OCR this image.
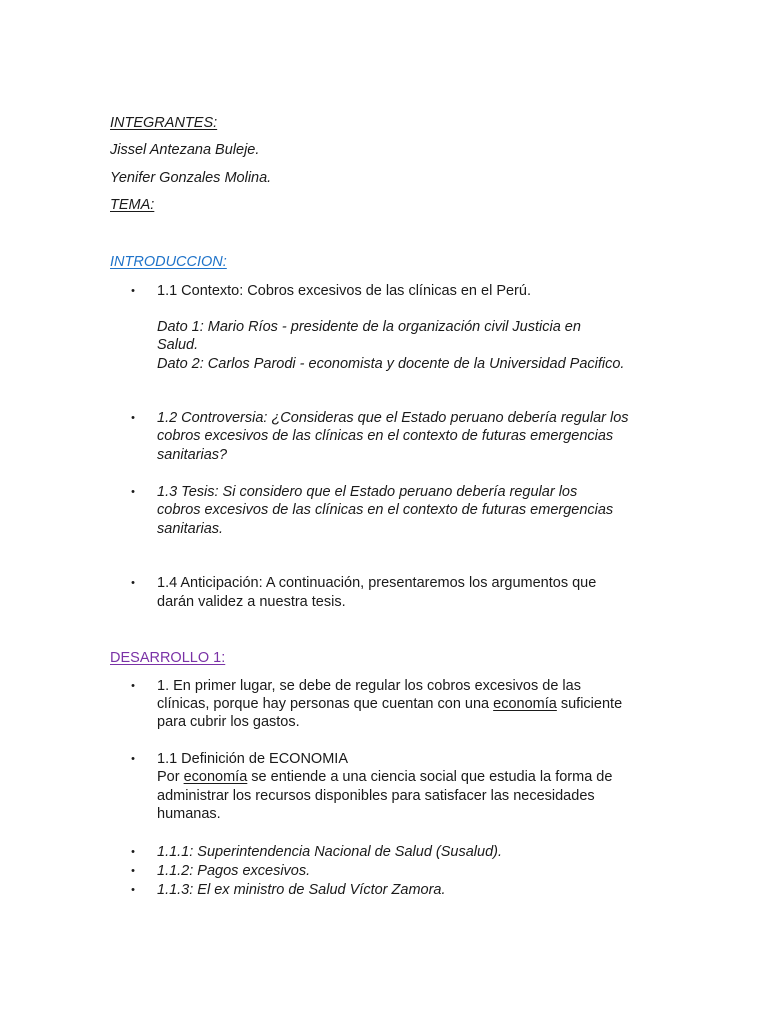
INTEGRANTES:

Jissel Antezana Buleje.

Yenifer Gonzales Molina.

TEMA:

INTRODUCCION:

• 1.1 Contexto: Cobros excesivos de las clínicas en el Perú.

Dato 1: Mario Ríos - presidente de la organización civil Justicia en

Salud.

Dato 2: Carlos Parodi - economista y docente de la Universidad Pacifico.

• 1.2 Controversia: ¿Consideras que el Estado peruano debería regular los

cobros excesivos de las clínicas en el contexto de futuras emergencias

sanitarias?

• 1.3 Tesis: Si considero que el Estado peruano debería regular los

cobros excesivos de las clínicas en el contexto de futuras emergencias

sanitarias.

• 1.4 Anticipación: A continuación, presentaremos los argumentos que

darán validez a nuestra tesis.

DESARROLLO 1:

• 1. En primer lugar, se debe de regular los cobros excesivos de las

clínicas, porque hay personas que cuentan con una economía suficiente

para cubrir los gastos.

• 1.1 Definición de ECONOMIA

Por economía se entiende a una ciencia social que estudia la forma de

administrar los recursos disponibles para satisfacer las necesidades

humanas.

• 1.1.1: Superintendencia Nacional de Salud (Susalud).

• 1.1.2: Pagos excesivos.

• 1.1.3: El ex ministro de Salud Víctor Zamora.
